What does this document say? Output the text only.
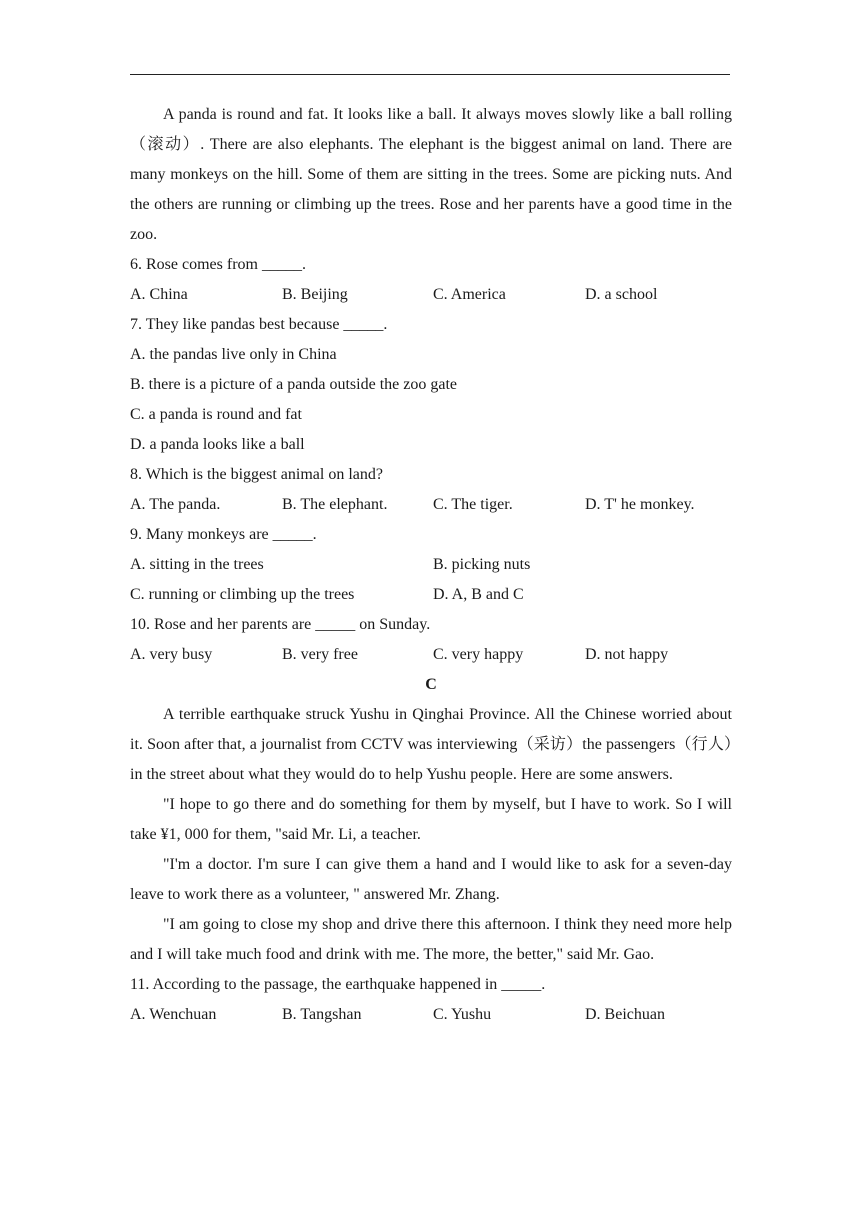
A panda is round and fat. It looks like a ball. It always moves slowly like a ball rolling（滚动）. There are also elephants. The elephant is the biggest animal on land. There are many monkeys on the hill. Some of them are sitting in the trees. Some are picking nuts. And the others are running or climbing up the trees. Rose and her parents have a good time in the zoo.

6. Rose comes from _____.
A. China	B. Beijing	C. America	D. a school
7. They like pandas best because _____.
A. the pandas live only in China
B. there is a picture of a panda outside the zoo gate
C. a panda is round and fat
D. a panda looks like a ball
8. Which is the biggest animal on land?
A. The panda.	B. The elephant.	C. The tiger.	D. T' he monkey.
9. Many monkeys are _____.
A. sitting in the trees	B. picking nuts
C. running or climbing up the trees	D. A, B and C
10. Rose and her parents are _____ on Sunday.
A. very busy	B. very free	C. very happy	D. not happy
C

A terrible earthquake struck Yushu in Qinghai Province. All the Chinese worried about it. Soon after that, a journalist from CCTV was interviewing（采访）the passengers（行人）in the street about what they would do to help Yushu people. Here are some answers.

"I hope to go there and do something for them by myself, but I have to work. So I will take ¥1, 000 for them, "said Mr. Li, a teacher.

"I'm a doctor. I'm sure I can give them a hand and I would like to ask for a seven-day leave to work there as a volunteer, " answered Mr. Zhang.

"I am going to close my shop and drive there this afternoon. I think they need more help and I will take much food and drink with me. The more, the better," said Mr. Gao.

11. According to the passage, the earthquake happened in _____.
A. Wenchuan	B. Tangshan	C. Yushu	D. Beichuan
